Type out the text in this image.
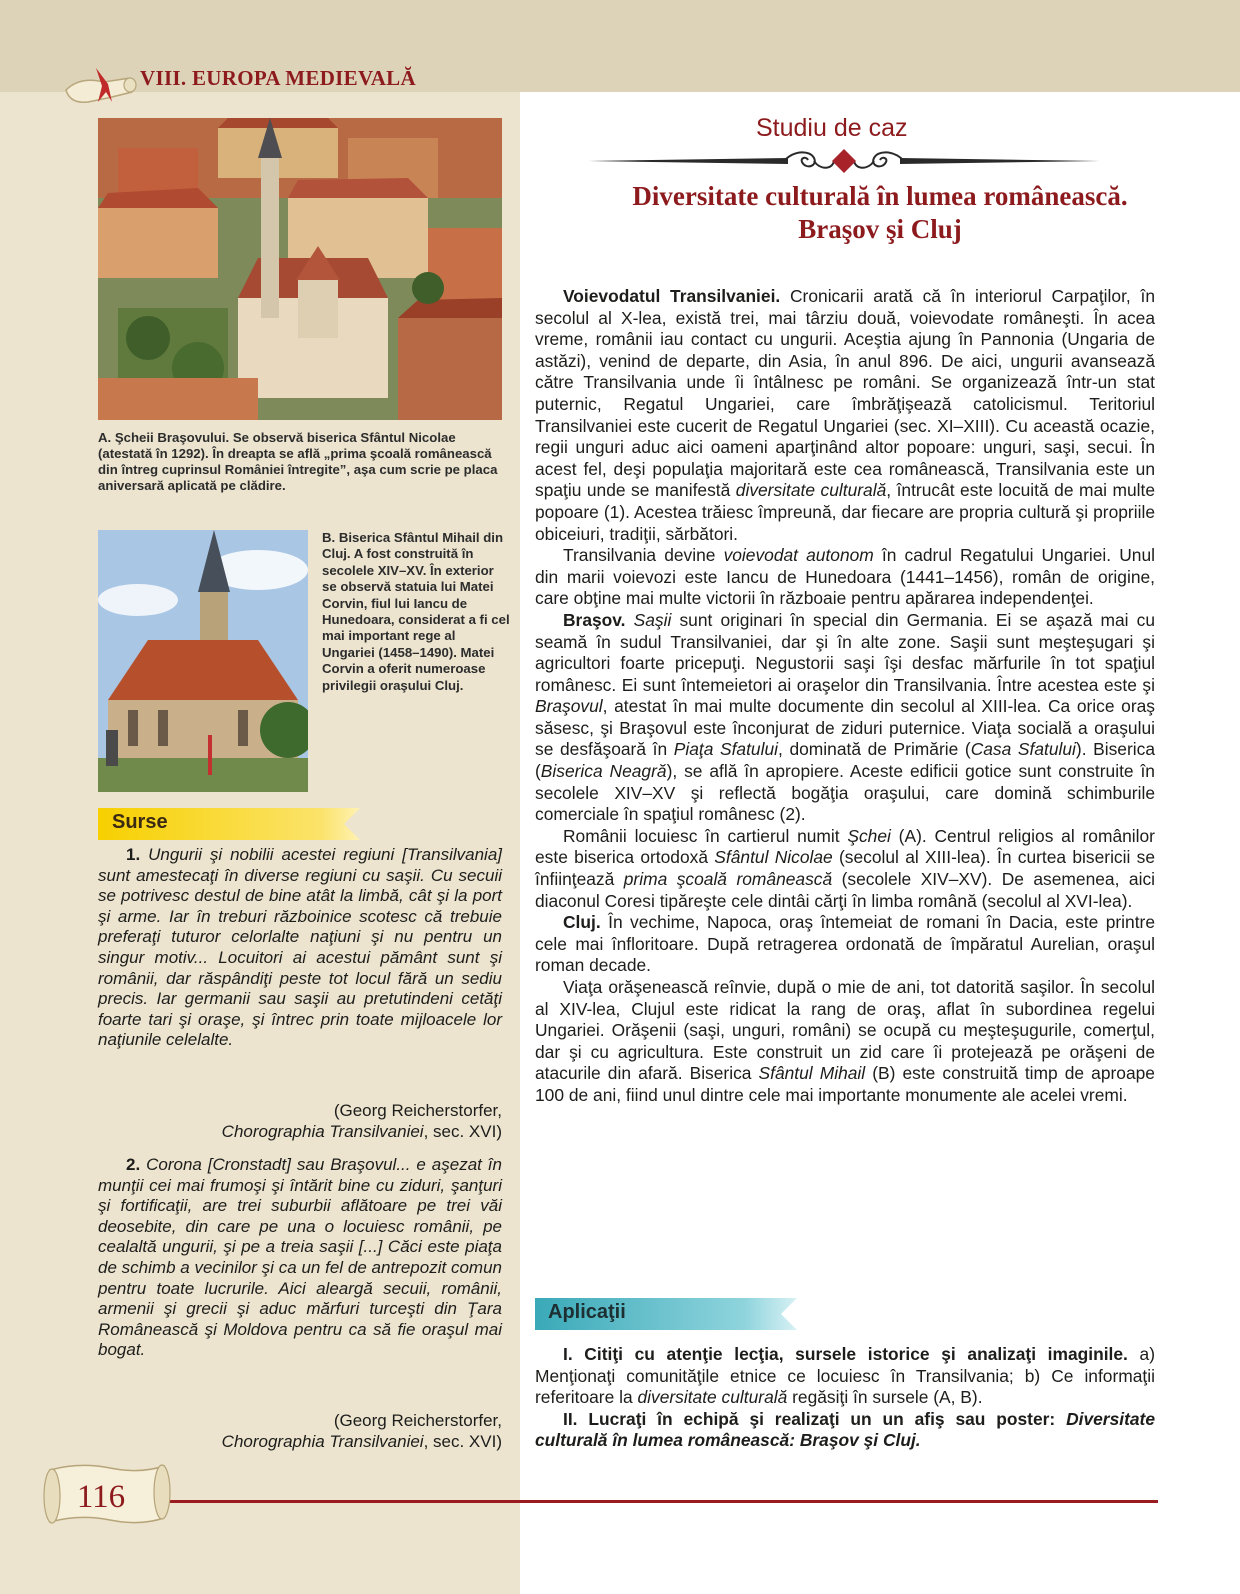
VIII. EUROPA MEDIEVALĂ
A. Şcheii Braşovului. Se observă biserica Sfântul Nicolae (atestată în 1292). În dreapta se află „prima şcoală românească din întreg cuprinsul României întregite”, aşa cum scrie pe placa aniversară aplicată pe clădire.
B. Biserica Sfântul Mihail din Cluj. A fost construită în secolele XIV–XV. În exterior se observă statuia lui Matei Corvin, fiul lui Iancu de Hunedoara, considerat a fi cel mai important rege al Ungariei (1458–1490). Matei Corvin a oferit numeroase privilegii oraşului Cluj.
Surse
1. Ungurii şi nobilii acestei regiuni [Transilvania] sunt amestecaţi în diverse regiuni cu saşii. Cu secuii se potrivesc destul de bine atât la limbă, cât şi la port şi arme. Iar în treburi războinice scotesc că trebuie preferaţi tuturor celorlalte naţiuni şi nu pentru un singur motiv... Locuitori ai acestui pământ sunt şi românii, dar răspândiţi peste tot locul fără un sediu precis. Iar germanii sau saşii au pretutindeni cetăţi foarte tari şi oraşe, şi întrec prin toate mijloacele lor naţiunile celelalte.
(Georg Reicherstorfer,
Chorographia Transilvaniei, sec. XVI)
2. Corona [Cronstadt] sau Braşovul... e aşezat în munţii cei mai frumoşi şi întărit bine cu ziduri, şanţuri şi fortificaţii, are trei suburbii aflătoare pe trei văi deosebite, din care pe una o locuiesc românii, pe cealaltă ungurii, şi pe a treia saşii [...] Căci este piaţa de schimb a vecinilor şi ca un fel de antrepozit comun pentru toate lucrurile. Aici aleargă secuii, românii, armenii şi grecii şi aduc mărfuri turceşti din Ţara Românească şi Moldova pentru ca să fie oraşul mai bogat.
(Georg Reicherstorfer,
Chorographia Transilvaniei, sec. XVI)
Studiu de caz
Diversitate culturală în lumea românească.
Braşov şi Cluj

Voievodatul Transilvaniei. Cronicarii arată că în interiorul Carpaţilor, în secolul al X-lea, există trei, mai târziu două, voievodate româneşti. În acea vreme, românii iau contact cu ungurii. Aceştia ajung în Pannonia (Ungaria de astăzi), venind de departe, din Asia, în anul 896. De aici, ungurii avansează către Transilvania unde îi întâlnesc pe români. Se organizează într-un stat puternic, Regatul Ungariei, care îmbrăţişează catolicismul. Teritoriul Transilvaniei este cucerit de Regatul Ungariei (sec. XI–XIII). Cu această ocazie, regii unguri aduc aici oameni aparţinând altor popoare: unguri, saşi, secui. În acest fel, deşi populaţia majoritară este cea românească, Transilvania este un spaţiu unde se manifestă diversitate culturală, întrucât este locuită de mai multe popoare (1). Acestea trăiesc împreună, dar fiecare are propria cultură şi propriile obiceiuri, tradiţii, sărbători.

Transilvania devine voievodat autonom în cadrul Regatului Ungariei. Unul din marii voievozi este Iancu de Hunedoara (1441–1456), român de origine, care obţine mai multe victorii în războaie pentru apărarea independenţei.

Braşov. Saşii sunt originari în special din Germania. Ei se aşază mai cu seamă în sudul Transilvaniei, dar şi în alte zone. Saşii sunt meşteşugari şi agricultori foarte pricepuţi. Negustorii saşi îşi desfac mărfurile în tot spaţiul românesc. Ei sunt întemeietori ai oraşelor din Transilvania. Între acestea este şi Braşovul, atestat în mai multe documente din secolul al XIII-lea. Ca orice oraş săsesc, şi Braşovul este înconjurat de ziduri puternice. Viaţa socială a oraşului se desfăşoară în Piaţa Sfatului, dominată de Primărie (Casa Sfatului). Biserica (Biserica Neagră), se află în apropiere. Aceste edificii gotice sunt construite în secolele XIV–XV şi reflectă bogăţia oraşului, care domină schimburile comerciale în spaţiul românesc (2).

Românii locuiesc în cartierul numit Şchei (A). Centrul religios al românilor este biserica ortodoxă Sfântul Nicolae (secolul al XIII-lea). În curtea bisericii se înfiinţează prima şcoală românească (secolele XIV–XV). De asemenea, aici diaconul Coresi tipăreşte cele dintâi cărţi în limba română (secolul al XVI-lea).

Cluj. În vechime, Napoca, oraş întemeiat de romani în Dacia, este printre cele mai înfloritoare. După retragerea ordonată de împăratul Aurelian, oraşul roman decade.

Viaţa orăşenească reînvie, după o mie de ani, tot datorită saşilor. În secolul al XIV-lea, Clujul este ridicat la rang de oraş, aflat în subordinea regelui Ungariei. Orăşenii (saşi, unguri, români) se ocupă cu meşteşugurile, comerţul, dar şi cu agricultura. Este construit un zid care îi protejează pe orăşeni de atacurile din afară. Biserica Sfântul Mihail (B) este construită timp de aproape 100 de ani, fiind unul dintre cele mai importante monumente ale acelei vremi.

Aplicaţii

I. Citiţi cu atenţie lecţia, sursele istorice şi analizaţi imaginile. a) Menţionaţi comunităţile etnice ce locuiesc în Transilvania; b) Ce informaţii referitoare la diversitate culturală regăsiţi în sursele (A, B).

II. Lucraţi în echipă şi realizaţi un un afiş sau poster: Diversitate culturală în lumea românească: Braşov şi Cluj.

116
